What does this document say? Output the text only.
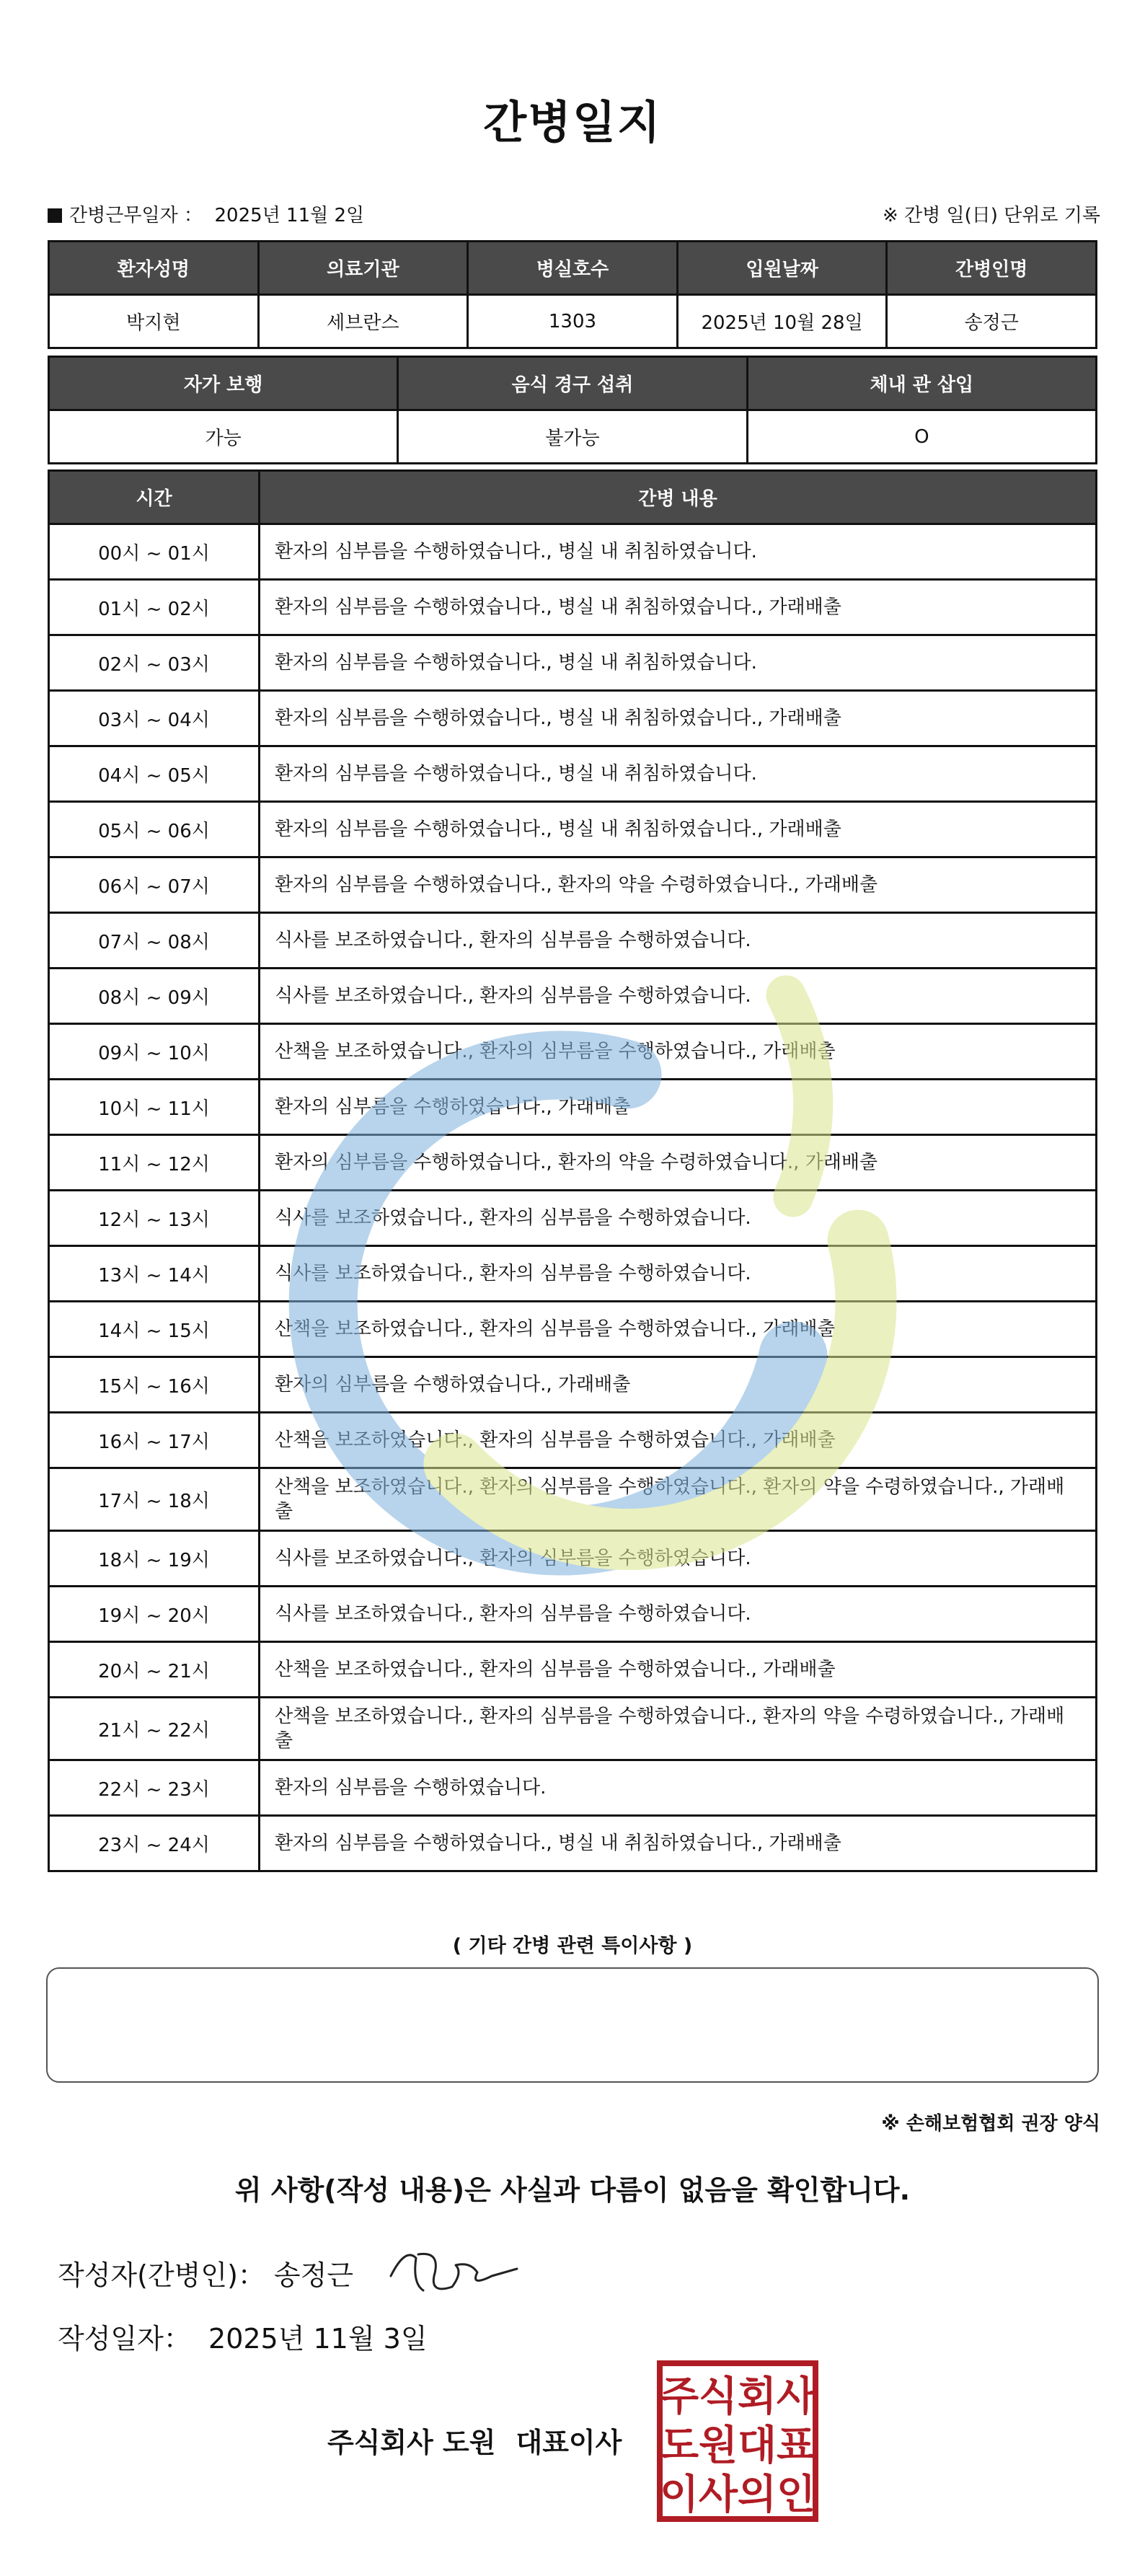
간병일지
간병근무일자 ： 2025년 11월 2일	※ 간병 일(日) 단위로 기록
환자성명	의료기관	병실호수	입원날짜	간병인명
박지현	세브란스	1303	2025년 10월 28일	송정근
자가 보행	음식 경구 섭취	체내 관 삽입
가능	불가능	O
시간	간병 내용
00시 ~ 01시	환자의 심부름을 수행하였습니다., 병실 내 취침하였습니다.
01시 ~ 02시	환자의 심부름을 수행하였습니다., 병실 내 취침하였습니다., 가래배출
02시 ~ 03시	환자의 심부름을 수행하였습니다., 병실 내 취침하였습니다.
03시 ~ 04시	환자의 심부름을 수행하였습니다., 병실 내 취침하였습니다., 가래배출
04시 ~ 05시	환자의 심부름을 수행하였습니다., 병실 내 취침하였습니다.
05시 ~ 06시	환자의 심부름을 수행하였습니다., 병실 내 취침하였습니다., 가래배출
06시 ~ 07시	환자의 심부름을 수행하였습니다., 환자의 약을 수령하였습니다., 가래배출
07시 ~ 08시	식사를 보조하였습니다., 환자의 심부름을 수행하였습니다.
08시 ~ 09시	식사를 보조하였습니다., 환자의 심부름을 수행하였습니다.
09시 ~ 10시	산책을 보조하였습니다., 환자의 심부름을 수행하였습니다., 가래배출
10시 ~ 11시	환자의 심부름을 수행하였습니다., 가래배출
11시 ~ 12시	환자의 심부름을 수행하였습니다., 환자의 약을 수령하였습니다., 가래배출
12시 ~ 13시	식사를 보조하였습니다., 환자의 심부름을 수행하였습니다.
13시 ~ 14시	식사를 보조하였습니다., 환자의 심부름을 수행하였습니다.
14시 ~ 15시	산책을 보조하였습니다., 환자의 심부름을 수행하였습니다., 가래배출
15시 ~ 16시	환자의 심부름을 수행하였습니다., 가래배출
16시 ~ 17시	산책을 보조하였습니다., 환자의 심부름을 수행하였습니다., 가래배출
17시 ~ 18시	산책을 보조하였습니다., 환자의 심부름을 수행하였습니다., 환자의 약을 수령하였습니다., 가래배출
18시 ~ 19시	식사를 보조하였습니다., 환자의 심부름을 수행하였습니다.
19시 ~ 20시	식사를 보조하였습니다., 환자의 심부름을 수행하였습니다.
20시 ~ 21시	산책을 보조하였습니다., 환자의 심부름을 수행하였습니다., 가래배출
21시 ~ 22시	산책을 보조하였습니다., 환자의 심부름을 수행하였습니다., 환자의 약을 수령하였습니다., 가래배출
22시 ~ 23시	환자의 심부름을 수행하였습니다.
23시 ~ 24시	환자의 심부름을 수행하였습니다., 병실 내 취침하였습니다., 가래배출
( 기타 간병 관련 특이사항 )
※ 손해보험협회 권장 양식
위 사항(작성 내용)은 사실과 다름이 없음을 확인합니다.
작성자(간병인)： 송정근
작성일자： 2025년 11월 3일
주식회사 도원 대표이사
주 식 회 사
도 원 대 표
이 사 의 인
